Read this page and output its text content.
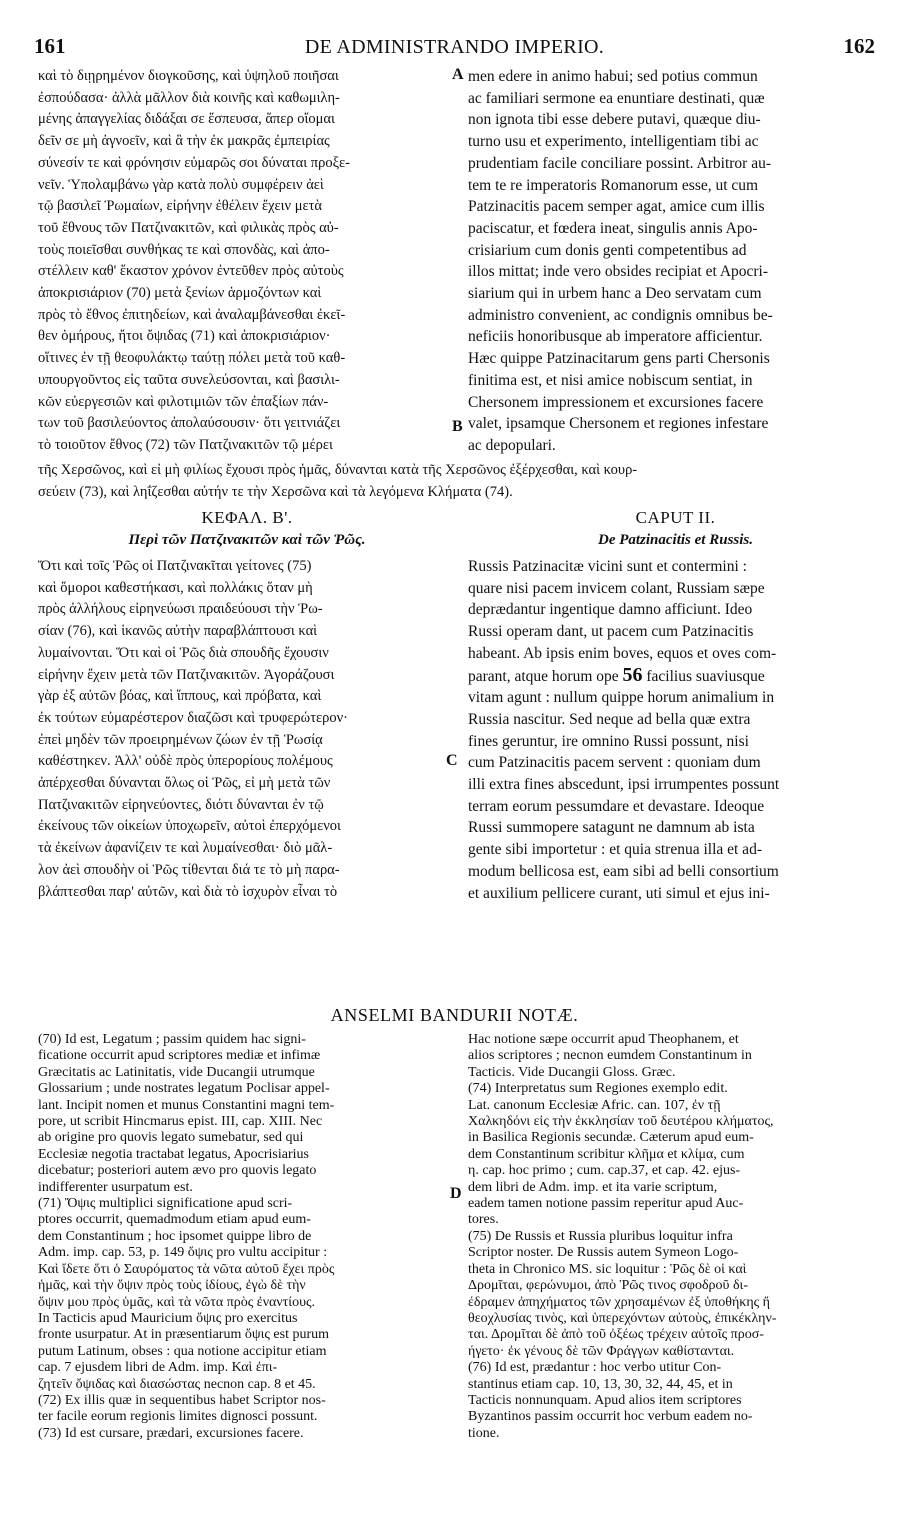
161	DE ADMINISTRANDO IMPERIO.	162
καὶ τὸ διῃρημένον διογκοῦσης, καὶ ὑψηλοῦ ποιῆσαι
ἐσπούδασα· ἀλλὰ μᾶλλον διὰ κοινῆς καὶ καθωμιλη-
μένης ἀπαγγελίας διδάξαι σε ἔσπευσα, ἅπερ οἴομαι
δεῖν σε μὴ ἀγνοεῖν, καὶ ἃ τὴν ἐκ μακρᾶς ἐμπειρίας
σύνεσίν τε καὶ φρόνησιν εὐμαρῶς σοι δύναται προξε-
νεῖν. Ὑπολαμβάνω γὰρ κατὰ πολὺ συμφέρειν ἀεὶ
τῷ βασιλεῖ Ῥωμαίων, εἰρήνην ἐθέλειν ἔχειν μετὰ
τοῦ ἔθνους τῶν Πατζινακιτῶν, καὶ φιλικὰς πρὸς αὐ-
τοὺς ποιεῖσθαι συνθήκας τε καὶ σπονδὰς, καὶ ἀπο-
στέλλειν καθ' ἕκαστον χρόνον ἐντεῦθεν πρὸς αὐτοὺς
ἀποκρισιάριον (70) μετὰ ξενίων ἁρμοζόντων καὶ
πρὸς τὸ ἔθνος ἐπιτηδείων, καὶ ἀναλαμβάνεσθαι ἐκεῖ-
θεν ὁμήρους, ἤτοι ὄψιδας (71) καὶ ἀποκρισιάριον·
οἵτινες ἐν τῇ θεοφυλάκτῳ ταύτῃ πόλει μετὰ τοῦ καθ-
υπουργοῦντος εἰς ταῦτα συνελεύσονται, καὶ βασιλι-
κῶν εὐεργεσιῶν καὶ φιλοτιμιῶν τῶν ἐπαξίων πάν-
των τοῦ βασιλεύοντος ἀπολαύσουσιν· ὅτι γειτνιάζει
τὸ τοιοῦτον ἔθνος (72) τῶν Πατζινακιτῶν τῷ μέρει
men edere in animo habui; sed potius commun
ac familiari sermone ea enuntiare destinati, quæ
non ignota tibi esse debere putavi, quæque diu-
turno usu et experimento, intelligentiam tibi ac
prudentiam facile conciliare possint. Arbitror au-
tem te re imperatoris Romanorum esse, ut cum
Patzinacitis pacem semper agat, amice cum illis
paciscatur, et fœdera ineat, singulis annis Apo-
crisiarium cum donis genti competentibus ad
illos mittat; inde vero obsides recipiat et Apocri-
siarium qui in urbem hanc a Deo servatam cum
administro convenient, ac condignis omnibus be-
neficiis honoribusque ab imperatore afficientur.
Hæc quippe Patzinacitarum gens parti Chersonis
finitima est, et nisi amice nobiscum sentiat, in
Chersonem impressionem et excursiones facere
valet, ipsamque Chersonem et regiones infestare
ac depopulari.
A
B
C
D
τῆς Χερσῶνος, καὶ εἰ μὴ φιλίως ἔχουσι πρὸς ἡμᾶς, δύνανται κατὰ τῆς Χερσῶνος ἐξέρχεσθαι, καὶ κουρ-
σεύειν (73), καὶ ληΐζεσθαι αὐτήν τε τὴν Χερσῶνα καὶ τὰ λεγόμενα Κλήματα (74).
ΚΕΦΑΛ. Β'.
Περὶ τῶν Πατζινακιτῶν καὶ τῶν Ῥῶς.
CAPUT II.
De Patzinacitis et Russis.
Ὅτι καὶ τοῖς Ῥῶς οἱ Πατζινακῖται γείτονες (75)
καὶ ὅμοροι καθεστήκασι, καὶ πολλάκις ὅταν μὴ
πρὸς ἀλλήλους εἰρηνεύωσι πραιδεύουσι τὴν Ῥω-
σίαν (76), καὶ ἱκανῶς αὐτὴν παραβλάπτουσι καὶ
λυμαίνονται. Ὅτι καὶ οἱ Ῥῶς διὰ σπουδῆς ἔχουσιν
εἰρήνην ἔχειν μετὰ τῶν Πατζινακιτῶν. Ἀγοράζουσι
γὰρ ἐξ αὐτῶν βόας, καὶ ἵππους, καὶ πρόβατα, καὶ
ἐκ τούτων εὐμαρέστερον διαζῶσι καὶ τρυφερώτερον·
ἐπεὶ μηδὲν τῶν προειρημένων ζώων ἐν τῇ Ῥωσίᾳ
καθέστηκεν. Ἀλλ' οὐδὲ πρὸς ὑπερορίους πολέμους
ἀπέρχεσθαι δύνανται ὅλως οἱ Ῥῶς, εἰ μὴ μετὰ τῶν
Πατζινακιτῶν εἰρηνεύοντες, διότι δύνανται ἐν τῷ
ἐκείνους τῶν οἰκείων ὑποχωρεῖν, αὐτοὶ ἐπερχόμενοι
τὰ ἐκείνων ἀφανίζειν τε καὶ λυμαίνεσθαι· διὸ μᾶλ-
λον ἀεὶ σπουδὴν οἱ Ῥῶς τίθενται διά τε τὸ μὴ παρα-
βλάπτεσθαι παρ' αὐτῶν, καὶ διὰ τὸ ἰσχυρὸν εἶναι τὸ
Russis Patzinacitæ vicini sunt et contermini :
quare nisi pacem invicem colant, Russiam sæpe
deprædantur ingentique damno afficiunt. Ideo
Russi operam dant, ut pacem cum Patzinacitis
habeant. Ab ipsis enim boves, equos et oves com-
parant, atque horum ope 56 facilius suaviusque
vitam agunt : nullum quippe horum animalium in
Russia nascitur. Sed neque ad bella quæ extra
fines geruntur, ire omnino Russi possunt, nisi
cum Patzinacitis pacem servent : quoniam dum
illi extra fines abscedunt, ipsi irrumpentes possunt
terram eorum pessumdare et devastare. Ideoque
Russi summopere satagunt ne damnum ab ista
gente sibi importetur : et quia strenua illa et ad-
modum bellicosa est, eam sibi ad belli consortium
et auxilium pellicere curant, uti simul et ejus ini-
ANSELMI BANDURII NOTÆ.
(70) Id est, Legatum ; passim quidem hac signi-
ficatione occurrit apud scriptores mediæ et infimæ
Græcitatis ac Latinitatis, vide Ducangii utrumque
Glossarium ; unde nostrates legatum Poclisar appel-
lant. Incipit nomen et munus Constantini magni tem-
pore, ut scribit Hincmarus epist. III, cap. XIII. Nec
ab origine pro quovis legato sumebatur, sed qui
Ecclesiæ negotia tractabat legatus, Apocrisiarius
dicebatur; posteriori autem ævo pro quovis legato
indifferenter usurpatum est.
(71) Ὄψις multiplici significatione apud scri-
ptores occurrit, quemadmodum etiam apud eum-
dem Constantinum ; hoc ipsomet quippe libro de
Adm. imp. cap. 53, p. 149 ὄψις pro vultu accipitur :
Καὶ ἴδετε ὅτι ὁ Σαυρόματος τὰ νῶτα αὐτοῦ ἔχει πρὸς
ἡμᾶς, καὶ τὴν ὄψιν πρὸς τοὺς ἰδίους, ἐγὼ δὲ τὴν
ὄψιν μου πρὸς ὑμᾶς, καὶ τὰ νῶτα πρὸς ἐναντίους.
In Tacticis apud Mauricium ὄψις pro exercitus
fronte usurpatur. At in præsentiarum ὄψις est purum
putum Latinum, obses : qua notione accipitur etiam
cap. 7 ejusdem libri de Adm. imp. Καὶ ἐπι-
ζητεῖν ὄψιδας καὶ διασώστας necnon cap. 8 et 45.
(72) Ex illis quæ in sequentibus habet Scriptor nos-
ter facile eorum regionis limites dignosci possunt.
(73) Id est cursare, prædari, excursiones facere.
Hac notione sæpe occurrit apud Theophanem, et
alios scriptores ; necnon eumdem Constantinum in
Tacticis. Vide Ducangii Gloss. Græc.
(74) Interpretatus sum Regiones exemplo edit.
Lat. canonum Ecclesiæ Afric. can. 107, ἐν τῇ
Χαλκηδόνι εἰς τὴν ἐκκλησίαν τοῦ δευτέρου κλήματος,
in Basilica Regionis secundæ. Cæterum apud eum-
dem Constantinum scribitur κλῆμα et κλίμα, cum
η. cap. hoc primo ; cum. cap.37, et cap. 42. ejus-
dem libri de Adm. imp. et ita varie scriptum,
eadem tamen notione passim reperitur apud Auc-
tores.
(75) De Russis et Russia pluribus loquitur infra
Scriptor noster. De Russis autem Symeon Logo-
theta in Chronico MS. sic loquitur : Ῥῶς δὲ οἱ καὶ
Δρομῖται, φερώνυμοι, ἀπὸ Ῥῶς τινος σφοδροῦ δι-
έδραμεν ἀπηχήματος τῶν χρησαμένων ἐξ ὑποθήκης ἤ
θεοχλυσίας τινὸς, καὶ ὑπερεχόντων αὐτοὺς, ἐπικέκλην-
ται. Δρομῖται δὲ ἀπὸ τοῦ ὀξέως τρέχειν αὐτοῖς προσ-
ήγετο· ἐκ γένους δὲ τῶν Φράγγων καθίστανται.
(76) Id est, prædantur : hoc verbo utitur Con-
stantinus etiam cap. 10, 13, 30, 32, 44, 45, et in
Tacticis nonnunquam. Apud alios item scriptores
Byzantinos passim occurrit hoc verbum eadem no-
tione.
